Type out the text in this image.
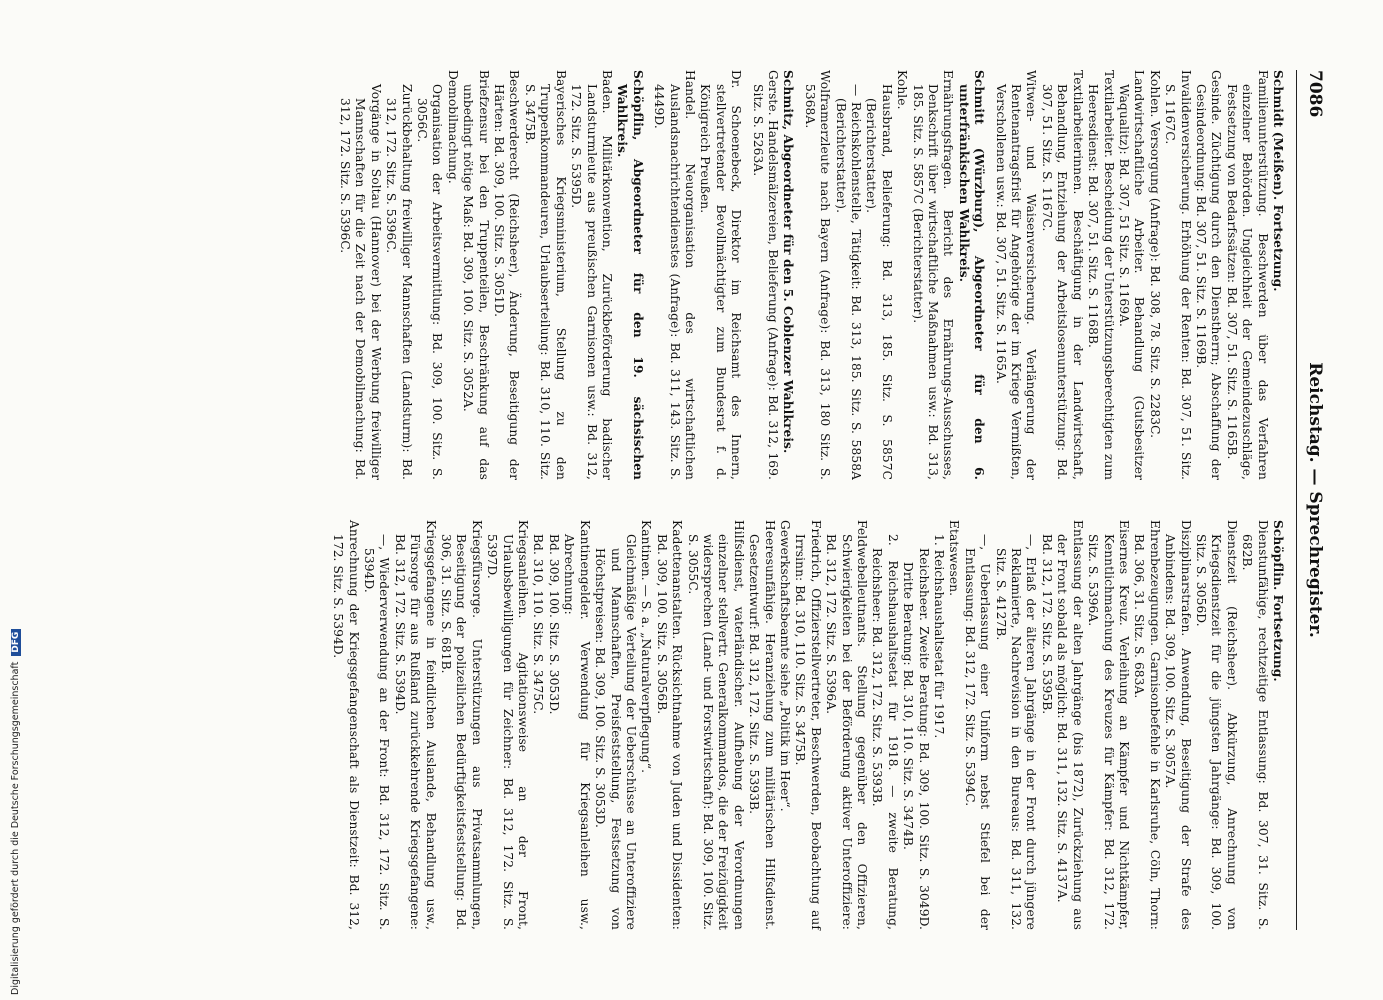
7086
Reichstag. — Sprechregister.

Schmidt (Meißen). Fortsetzung.

Familienunterstützung. Beschwerden über das Verfahren einzelner Behörden. Ungleichheit der Gemeindezuschläge, Festsetzung von Bedarfssätzen: Bd. 307, 51. Sitz. S. 1165B.

Gesinde. Züchtigung durch den Dienstherrn; Abschaffung der Gesindeordnung: Bd. 307, 51. Sitz. S. 1169B.

Invalidenversicherung. Erhöhung der Renten: Bd. 307, 51. Sitz. S. 1167C.

Kohlen. Versorgung (Anfrage): Bd. 308, 78. Sitz. S. 2283C.

Landwirtschaftliche Arbeiter. Behandlung (Gutsbesitzer Waqualitz): Bd. 307, 51 Sitz. S. 1169A.

Textilarbeiter. Bescheidung der Unterstützungsberechtigten zum Heeresdienst: Bd. 307, 51. Sitz. S. 1168B.

Textilarbeiterinnen. Beschäftigung in der Landwirtschaft, Behandlung, Entziehung der Arbeitslosenunterstützung: Bd. 307, 51. Sitz. S. 1167C.

Witwen- und Waisenversicherung. Verlängerung der Rentenantragsfrist für Angehörige der im Kriege Vermißten, Verschollenen usw.: Bd. 307, 51. Sitz. S. 1165A.

Schmitt (Würzburg), Abgeordneter für den 6. unterfränkischen Wahlkreis.

Ernährungsfragen. Bericht des Ernährungs-Ausschusses, Denkschrift über wirtschaftliche Maßnahmen usw.: Bd. 313, 185. Sitz. S. 5857C (Berichterstatter).

Kohle.

Hausbrand, Belieferung: Bd. 313, 185. Sitz. S. 5857C (Berichterstatter).

— Reichskohlenstelle, Tätigkeit: Bd. 313, 185. Sitz. S. 5858A (Berichterstatter).

Wolframerzleute nach Bayern (Anfrage): Bd. 313, 180 Sitz. S. 5368A.

Schmitz, Abgeordneter für den 5. Coblenzer Wahlkreis.

Gerste. Handelsmälzereien, Belieferung (Anfrage): Bd. 312, 169. Sitz. S. 5263A.

Dr. Schoenebeck, Direktor im Reichsamt des Innern, stellvertretender Bevollmächtigter zum Bundesrat f. d. Königreich Preußen.

Handel. Neuorganisation des wirtschaftlichen Auslandsnachrichtendienstes (Anfrage): Bd. 311, 143. Sitz. S. 4449D.

Schöpflin, Abgeordneter für den 19. sächsischen Wahlkreis.

Baden. Militärkonvention, Zurückbeförderung badischer Landsturmleute aus preußischen Garnisonen usw.: Bd. 312, 172. Sitz. S. 5395D.

Bayerisches Kriegsministerium, Stellung zu den Truppenkommandeuren, Urlaubserteilung: Bd. 310, 110. Sitz. S. 3475B.

Beschwerderecht (Reichsheer), Änderung, Beseitigung der Härten: Bd. 309, 100. Sitz. S. 3051D.

Briefzensur bei den Truppenteilen, Beschränkung auf das unbedingt nötige Maß: Bd. 309, 100. Sitz. S. 3052A.

Demobilmachung.

Organisation der Arbeitsvermittlung: Bd. 309, 100. Sitz. S. 3056C.

Zurückbehaltung freiwilliger Mannschaften (Landsturm): Bd. 312, 172. Sitz. S. 5396C.

Vorgänge in Soltau (Hannover) bei der Werbung freiwilliger Mannschaften für die Zeit nach der Demobilmachung: Bd. 312, 172. Sitz. S. 5396C.

Schöpflin. Fortsetzung.

Dienstunfähige, rechtzeitige Entlassung: Bd. 307, 31. Sitz. S. 682B.

Dienstzeit (Reichsheer). Abkürzung, Anrechnung von Kriegsdienstzeit für die jüngsten Jahrgänge: Bd. 309, 100. Sitz. S. 3056D.

Disziplinarstrafen. Anwendung, Beseitigung der Strafe des Anbindens: Bd. 309, 100. Sitz. S. 3057A.

Ehrenbezeugungen. Garnisonbefehle in Karlsruhe, Cöln, Thorn: Bd. 306, 31. Sitz. S. 683A.

Eisernes Kreuz. Verleihung an Kämpfer und Nichtkämpfer, Kenntlichmachung des Kreuzes für Kämpfer: Bd. 312, 172. Sitz. S. 5396A.

Entlassung der alten Jahrgänge (bis 1872), Zurückziehung aus der Front sobald als möglich: Bd. 311, 132. Sitz. S. 4137A.

Bd. 312, 172. Sitz. S. 5395B.

—, Erlaß der älteren Jahrgänge in der Front durch jüngere Reklamierte, Nachrevision in den Bureaus: Bd. 311, 132. Sitz. S. 4127B.

—, Ueberlassung einer Uniform nebst Stiefel bei der Entlassung: Bd. 312, 172. Sitz. S. 5394C.

Etatswesen.

1. Reichshaushaltsetat für 1917.

Reichsheer. Zweite Beratung: Bd. 309, 100. Sitz. S. 3049D. Dritte Beratung: Bd. 310, 110. Sitz. S. 3474B.

2. Reichshaushaltsetat für 1918. — zweite Beratung, Reichsheer: Bd. 312, 172. Sitz. S. 5393B.

Feldwebelleutnants. Stellung gegenüber den Offizieren, Schwierigkeiten bei der Beförderung aktiver Unteroffiziere: Bd. 312, 172. Sitz. S. 5396A.

Friedrich, Offizierstellvertreter, Beschwerden, Beobachtung auf Irrsinn: Bd. 310, 110. Sitz. S. 3475B.

Gewerkschaftsbeamte siehe „Politik im Heer“.

Heeresunfähige. Heranziehung zum militärischen Hilfsdienst. Gesetzentwurf: Bd. 312, 172. Sitz. S. 5393B.

Hilfsdienst, vaterländischer. Aufhebung der Verordnungen einzelner stellvertr. Generalkommandos, die der Freizügigkeit widersprechen (Land- und Forstwirtschaft): Bd. 309, 100. Sitz. S. 3055C.

Kadettenanstalten. Rücksichtnahme von Juden und Dissidenten: Bd. 309, 100. Sitz. S. 3056B.

Kantinen. — S. a. „Naturalverpflegung“.

Gleichmäßige Verteilung der Ueberschüsse an Unteroffiziere und Mannschaften, Preisfeststellung, Festsetzung von Höchstpreisen: Bd. 309, 100. Sitz. S. 3053D.

Kantinengelder. Verwendung für Kriegsanleihen usw., Abrechnung:

Bd. 309, 100. Sitz. S. 3053D.

Bd. 310, 110. Sitz. S. 3475C.

Kriegsanleihen. Agitationsweise an der Front, Urlaubsbewilligungen für Zeichner: Bd. 312, 172. Sitz. S. 5397D.

Kriegsfürsorge. Unterstützungen aus Privatsammlungen, Beseitigung der polizeilichen Bedürftigkeitsfeststellung: Bd. 306, 31. Sitz. S. 681B.

Kriegsgefangene in feindlichen Auslande, Behandlung usw., Fürsorge für aus Rußland zurückkehrende Kriegsgefangene: Bd. 312, 172. Sitz. S. 5394D.

—, Wiederverwendung an der Front: Bd. 312, 172. Sitz. S. 5394D.

Anrechnung der Kriegsgefangenschaft als Dienstzeit: Bd. 312, 172. Sitz. S. 5394D.

Digitalisierung gefördert durch die Deutsche ForschungsgemeinschaftDFG
